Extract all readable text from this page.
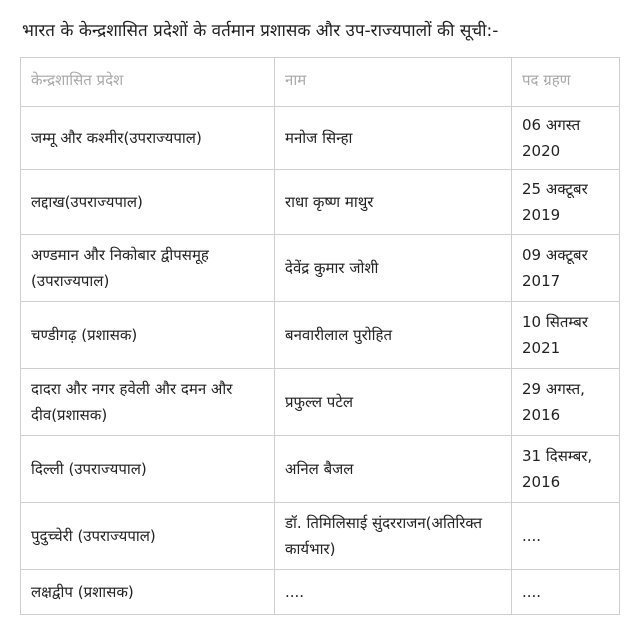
भारत के केन्द्रशासित प्रदेशों के वर्तमान प्रशासक और उप-राज्यपालों की सूची:-
केन्द्रशासित प्रदेश	नाम	पद ग्रहण
जम्मू और कश्मीर(उपराज्यपाल)	मनोज सिन्हा	06 अगस्त 2020
लद्दाख(उपराज्यपाल)	राधा कृष्ण माथुर	25 अक्टूबर 2019
अण्डमान और निकोबार द्वीपसमूह (उपराज्यपाल)	देवेंद्र कुमार जोशी	09 अक्टूबर 2017
चण्डीगढ़ (प्रशासक)	बनवारीलाल पुरोहित	10 सितम्बर 2021
दादरा और नगर हवेली और दमन और दीव(प्रशासक)	प्रफुल्ल पटेल	29 अगस्त, 2016
दिल्ली (उपराज्यपाल)	अनिल बैजल	31 दिसम्बर, 2016
पुदुच्चेरी (उपराज्यपाल)	डॉ. तिमिलिसाई सुंदरराजन(अतिरिक्त कार्यभार)	....
लक्षद्वीप (प्रशासक)	....	....
